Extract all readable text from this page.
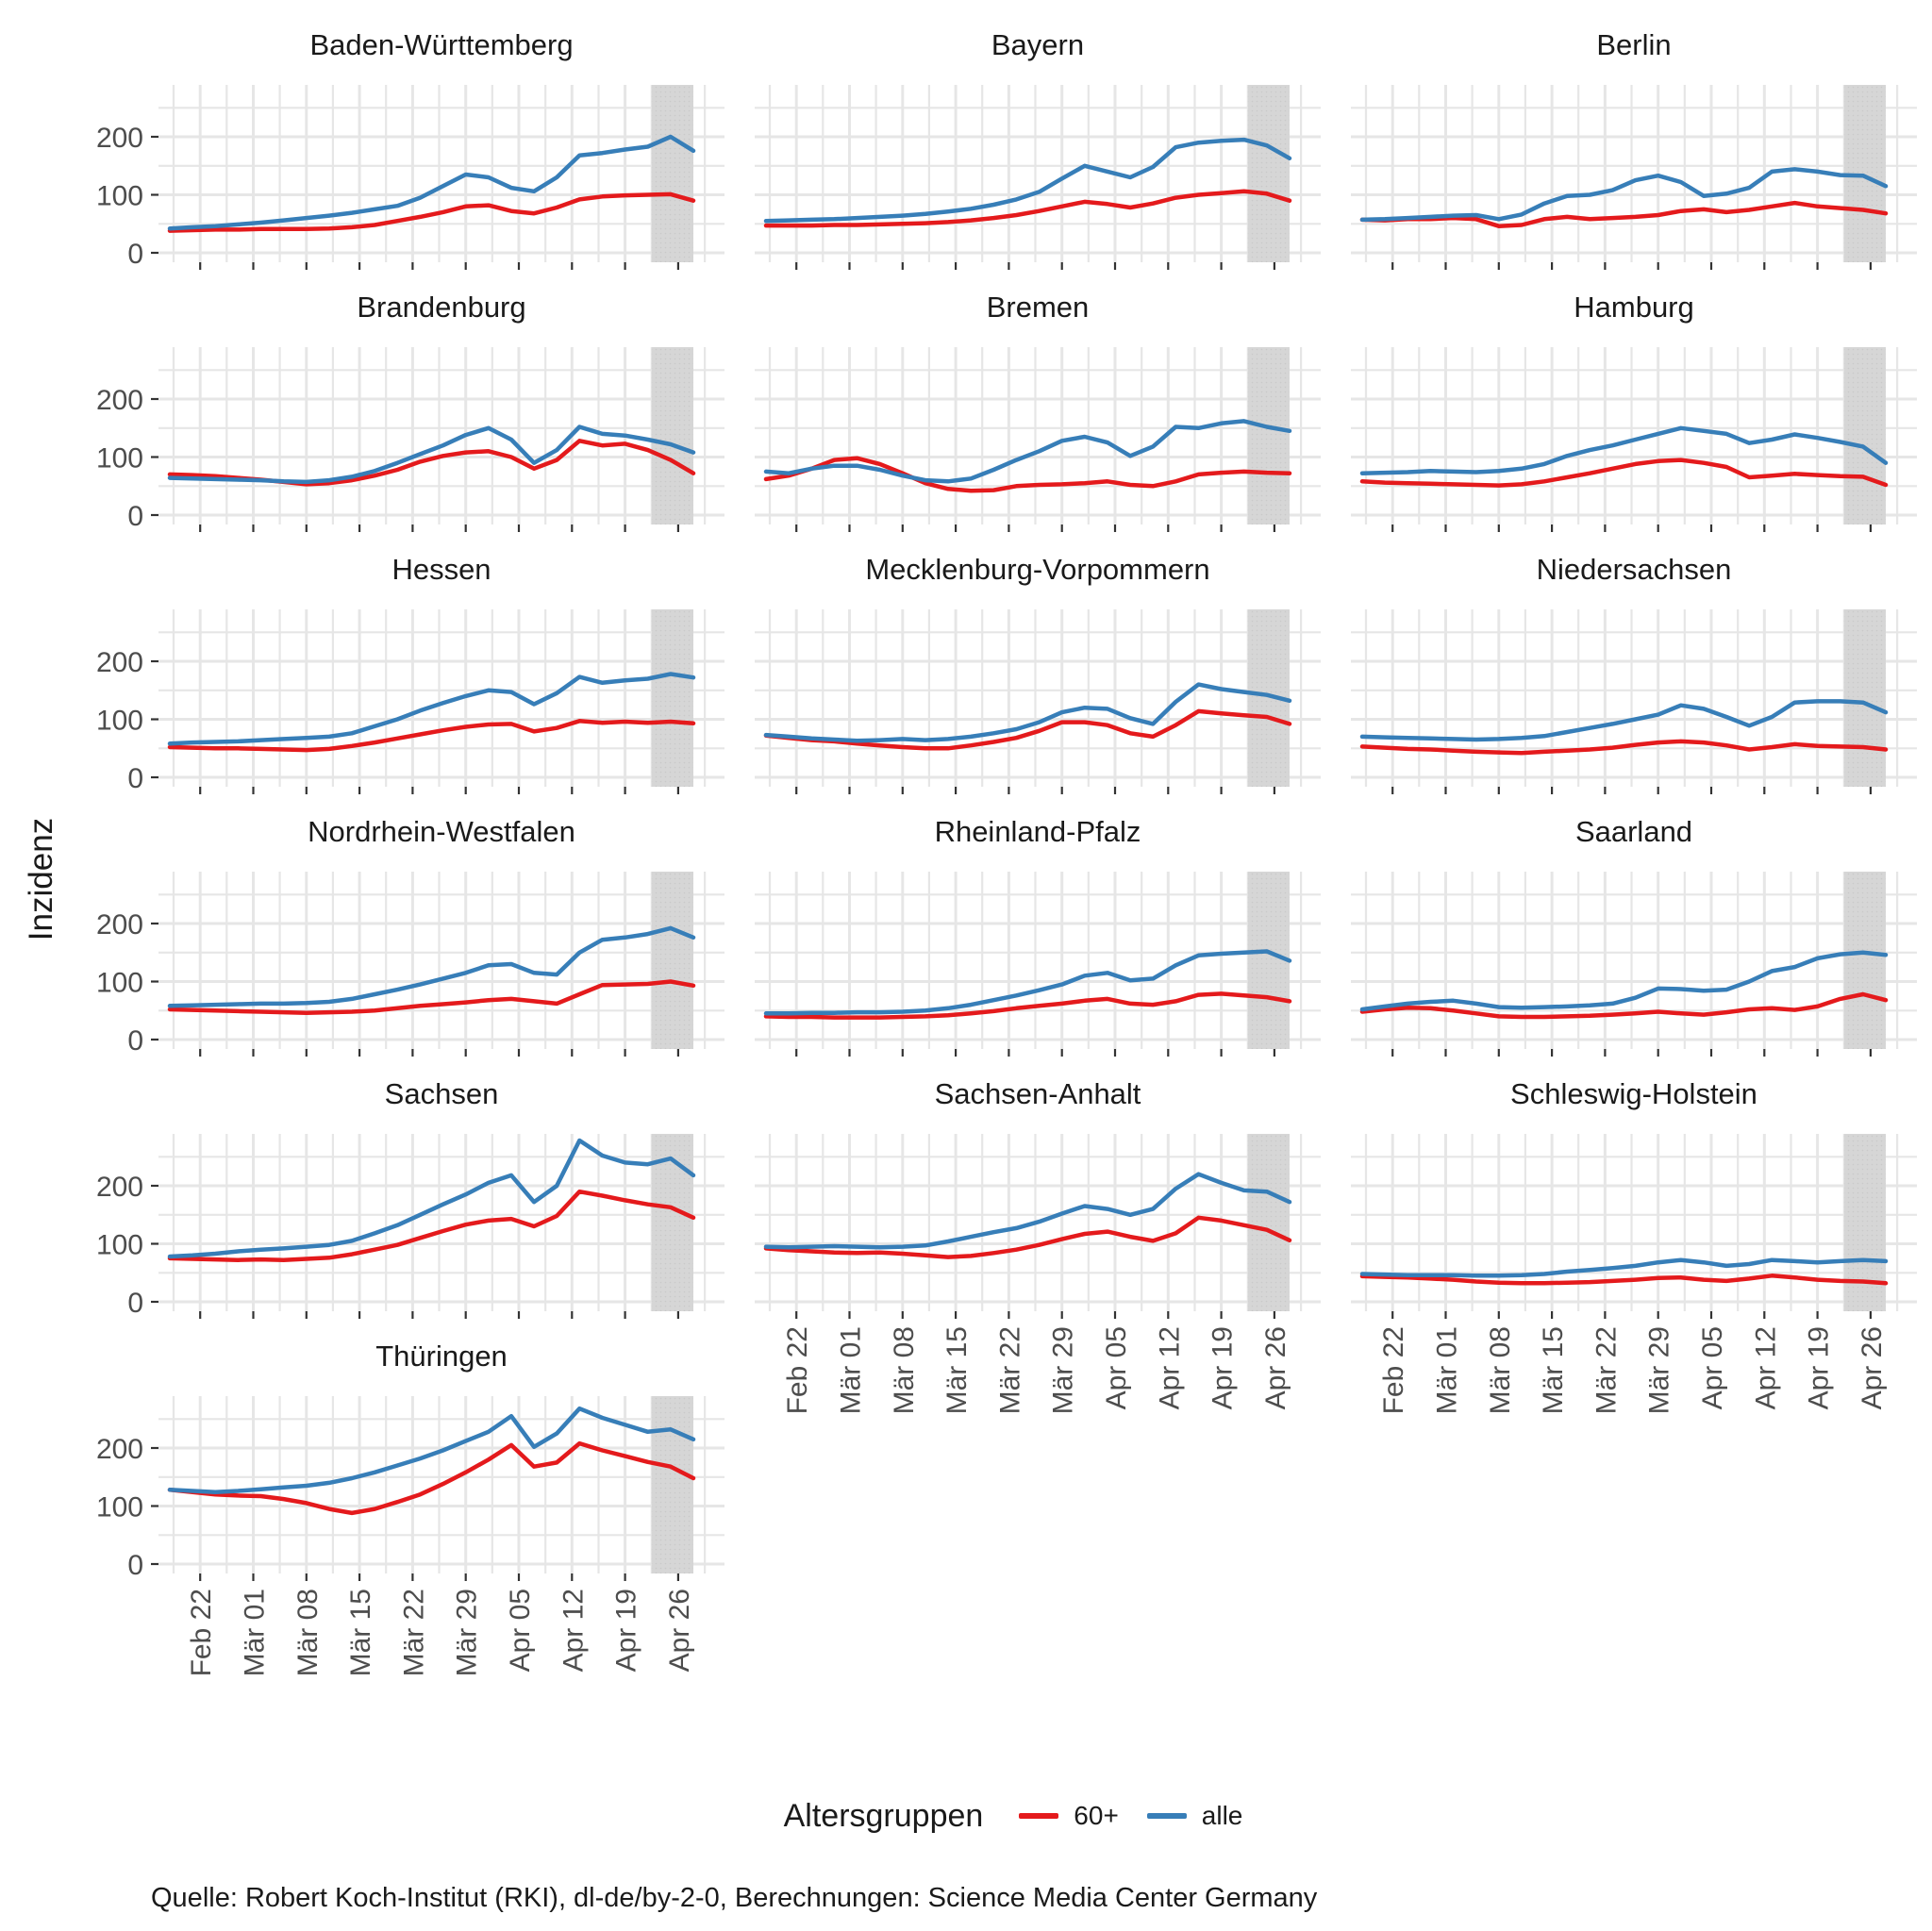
Inzidenz
Baden-Württemberg
0
100
200
Bayern	Berlin
Brandenburg
0
100
200
Bremen	Hamburg
Hessen
0
100
200
Mecklenburg-Vorpommern	Niedersachsen
Nordrhein-Westfalen
0
100
200
Rheinland-Pfalz	Saarland
Sachsen
0
100
200
Sachsen-Anhalt
Feb 22 Mär 01 Mär 08 Mär 15 Mär 22 Mär 29 Apr 05 Apr 12 Apr 19 Apr 26
Schleswig-Holstein
Feb 22 Mär 01 Mär 08 Mär 15 Mär 22 Mär 29 Apr 05 Apr 12 Apr 19 Apr 26
Thüringen
0
100
200
Feb 22 Mär 01 Mär 08 Mär 15 Mär 22 Mär 29 Apr 05 Apr 12 Apr 19 Apr 26
Altersgruppen	60+	alle
Quelle: Robert Koch-Institut (RKI), dl-de/by-2-0, Berechnungen: Science Media Center Germany
